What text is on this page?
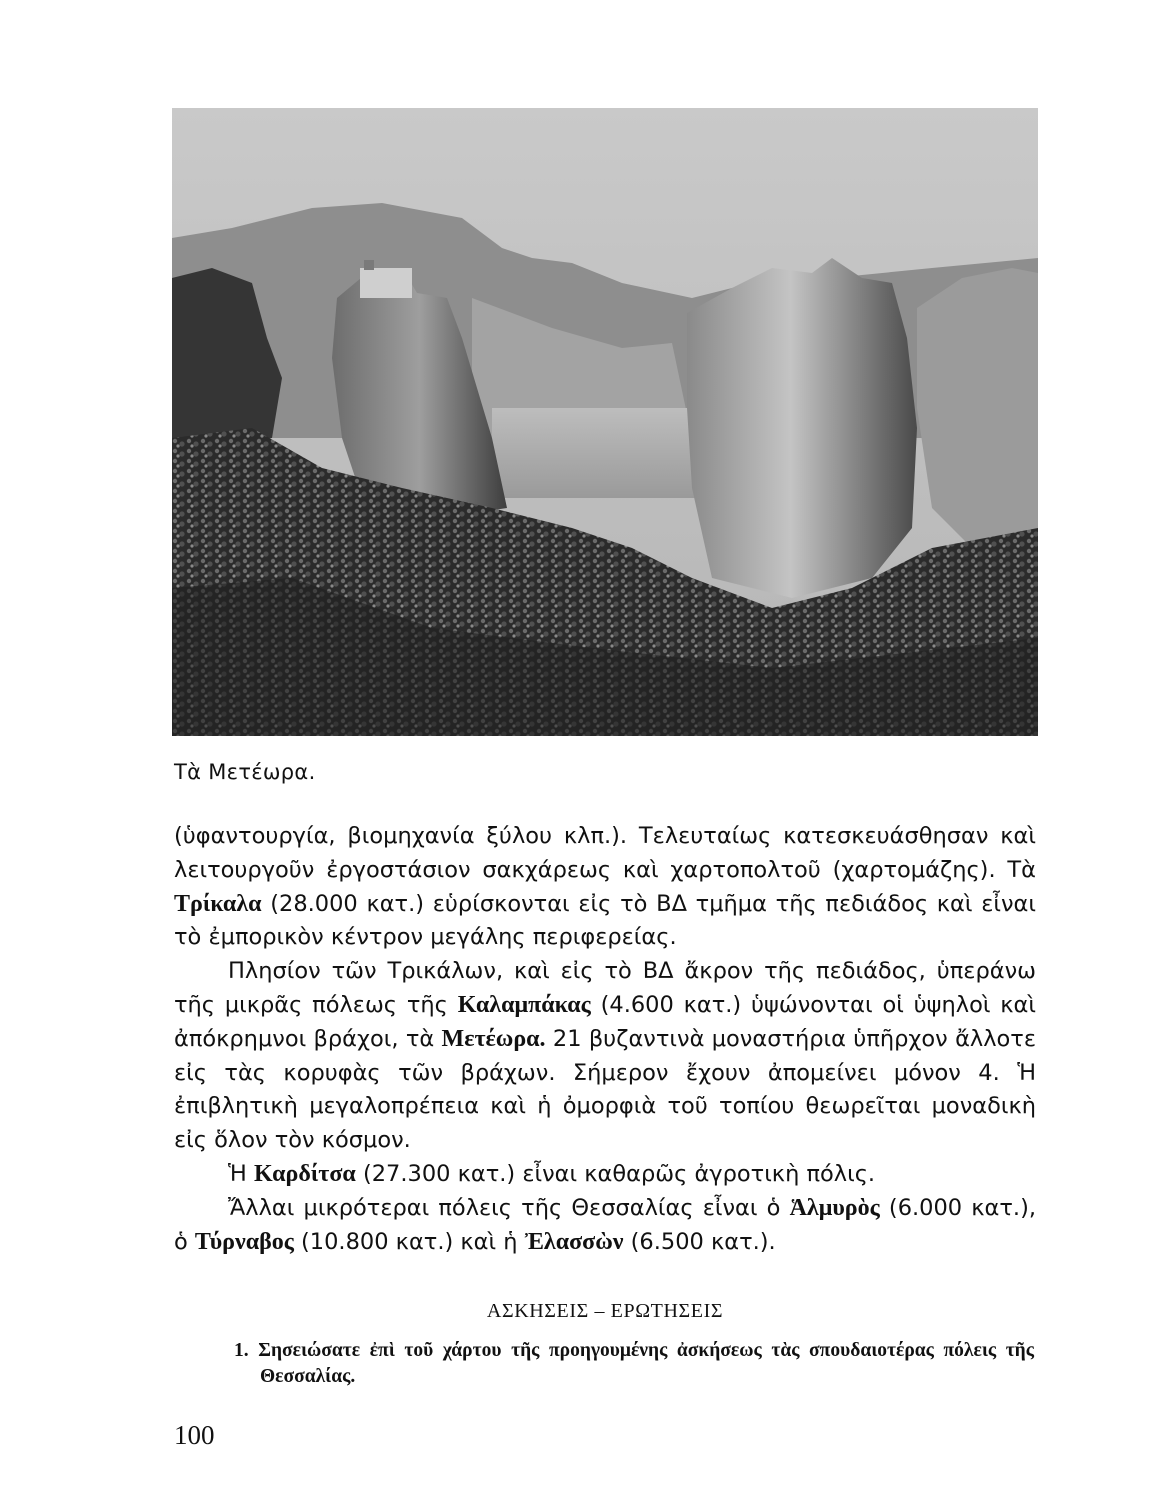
Τὰ Μετέωρα.

(ὑφαντουργία, βιομηχανία ξύλου κλπ.). Τελευταίως κατεσκευάσθησαν καὶ λειτουργοῦν ἐργοστάσιον σακχάρεως καὶ χαρτοπολτοῦ (χαρτομάζης). Τὰ Τρίκαλα (28.000 κατ.) εὑρίσκονται εἰς τὸ ΒΔ τμῆμα τῆς πεδιάδος καὶ εἶναι τὸ ἐμπορικὸν κέντρον μεγάλης περιφερείας.

Πλησίον τῶν Τρικάλων, καὶ εἰς τὸ ΒΔ ἄκρον τῆς πεδιάδος, ὑπεράνω τῆς μικρᾶς πόλεως τῆς Καλαμπάκας (4.600 κατ.) ὑψώνονται οἱ ὑψηλοὶ καὶ ἀπόκρημνοι βράχοι, τὰ Μετέωρα. 21 βυζαντινὰ μοναστήρια ὑπῆρχον ἄλλοτε εἰς τὰς κορυφὰς τῶν βράχων. Σήμερον ἔχουν ἀπομείνει μόνον 4. Ἡ ἐπιβλητικὴ μεγαλοπρέπεια καὶ ἡ ὀμορφιὰ τοῦ τοπίου θεωρεῖται μοναδικὴ εἰς ὅλον τὸν κόσμον.

Ἡ Καρδίτσα (27.300 κατ.) εἶναι καθαρῶς ἀγροτικὴ πόλις.

Ἄλλαι μικρότεραι πόλεις τῆς Θεσσαλίας εἶναι ὁ Ἁλμυρὸς (6.000 κατ.), ὁ Τύρναβος (10.800 κατ.) καὶ ἡ Ἐλασσὼν (6.500 κατ.).

ΑΣΚΗΣΕΙΣ – ΕΡΩΤΗΣΕΙΣ
1. Σησειώσατε ἐπὶ τοῦ χάρτου τῆς προηγουμένης ἀσκήσεως τὰς σπουδαιοτέρας πόλεις τῆς Θεσσαλίας.
100
